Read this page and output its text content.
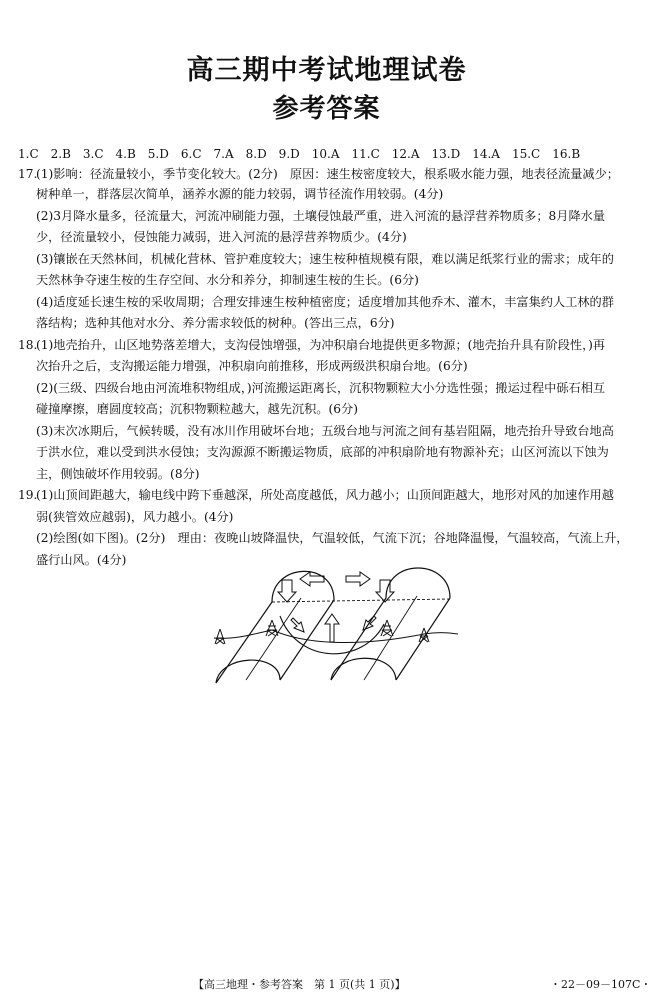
高三期中考试地理试卷
参考答案
1.C　2.B　3.C　4.B　5.D　6.C　7.A　8.D　9.D　10.A　11.C　12.A　13.D　14.A　15.C　16.B
17.
(1)影响：径流量较小，季节变化较大。(2分)　原因：速生桉密度较大，根系吸水能力强，地表径流量减少；
树种单一，群落层次简单，涵养水源的能力较弱，调节径流作用较弱。(4分)
(2)3月降水量多，径流量大，河流冲刷能力强，土壤侵蚀最严重，进入河流的悬浮营养物质多；8月降水量
少，径流量较小，侵蚀能力减弱，进入河流的悬浮营养物质少。(4分)
(3)镶嵌在天然林间，机械化营林、管护难度较大；速生桉种植规模有限，难以满足纸浆行业的需求；成年的
天然林争夺速生桉的生存空间、水分和养分，抑制速生桉的生长。(6分)
(4)适度延长速生桉的采收周期；合理安排速生桉种植密度；适度增加其他乔木、灌木，丰富集约人工林的群
落结构；选种其他对水分、养分需求较低的树种。(答出三点，6分)
18.
(1)地壳抬升，山区地势落差增大，支沟侵蚀增强，为冲积扇台地提供更多物源；(地壳抬升具有阶段性，)再
次抬升之后，支沟搬运能力增强，冲积扇向前推移，形成两级洪积扇台地。(6分)
(2)(三级、四级台地由河流堆积物组成，)河流搬运距离长，沉积物颗粒大小分选性强；搬运过程中砾石相互
碰撞摩擦，磨圆度较高；沉积物颗粒越大，越先沉积。(6分)
(3)末次冰期后，气候转暖，没有冰川作用破坏台地；五级台地与河流之间有基岩阻隔，地壳抬升导致台地高
于洪水位，难以受到洪水侵蚀；支沟源源不断搬运物质，底部的冲积扇阶地有物源补充；山区河流以下蚀为
主，侧蚀破坏作用较弱。(8分)
19.
(1)山顶间距越大，输电线中跨下垂越深，所处高度越低，风力越小；山顶间距越大，地形对风的加速作用越
弱(狭管效应越弱)，风力越小。(4分)
(2)绘图(如下图)。(2分)　理由：夜晚山坡降温快，气温较低，气流下沉；谷地降温慢，气温较高，气流上升，
盛行山风。(4分)
【高三地理・参考答案　第 1 页(共 1 页)】	・22－09－107C・
